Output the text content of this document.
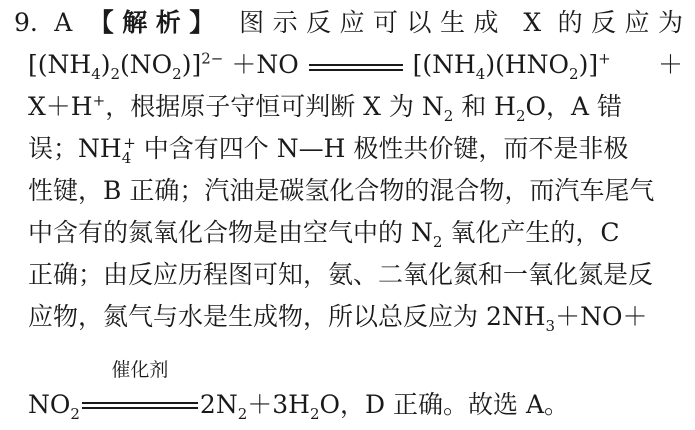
9. A 【解析】 图示反应可以生成 X 的反应为
$[(NH_4)_2(NO_2)]^{2-} +NO$	$[(NH_4)(HNO_2)]^+$ ＋
X＋H+，根据原子守恒可判断 X 为 $N_2$ 和 $H_2O$，A 错
误；$NH_4^+$ 中含有四个 N—H 极性共价键，而不是非极
性键，B 正确；汽油是碳氢化合物的混合物，而汽车尾气
中含有的氮氧化合物是由空气中的 $N_2$ 氧化产生的，C
正确；由反应历程图可知，氨、二氧化氮和一氧化氮是反
应物，氮气与水是生成物，所以总反应为 $2NH_3+NO+$
$NO_2$
催化剂
$2N_2+3H_2O$，D 正确。故选 A。
